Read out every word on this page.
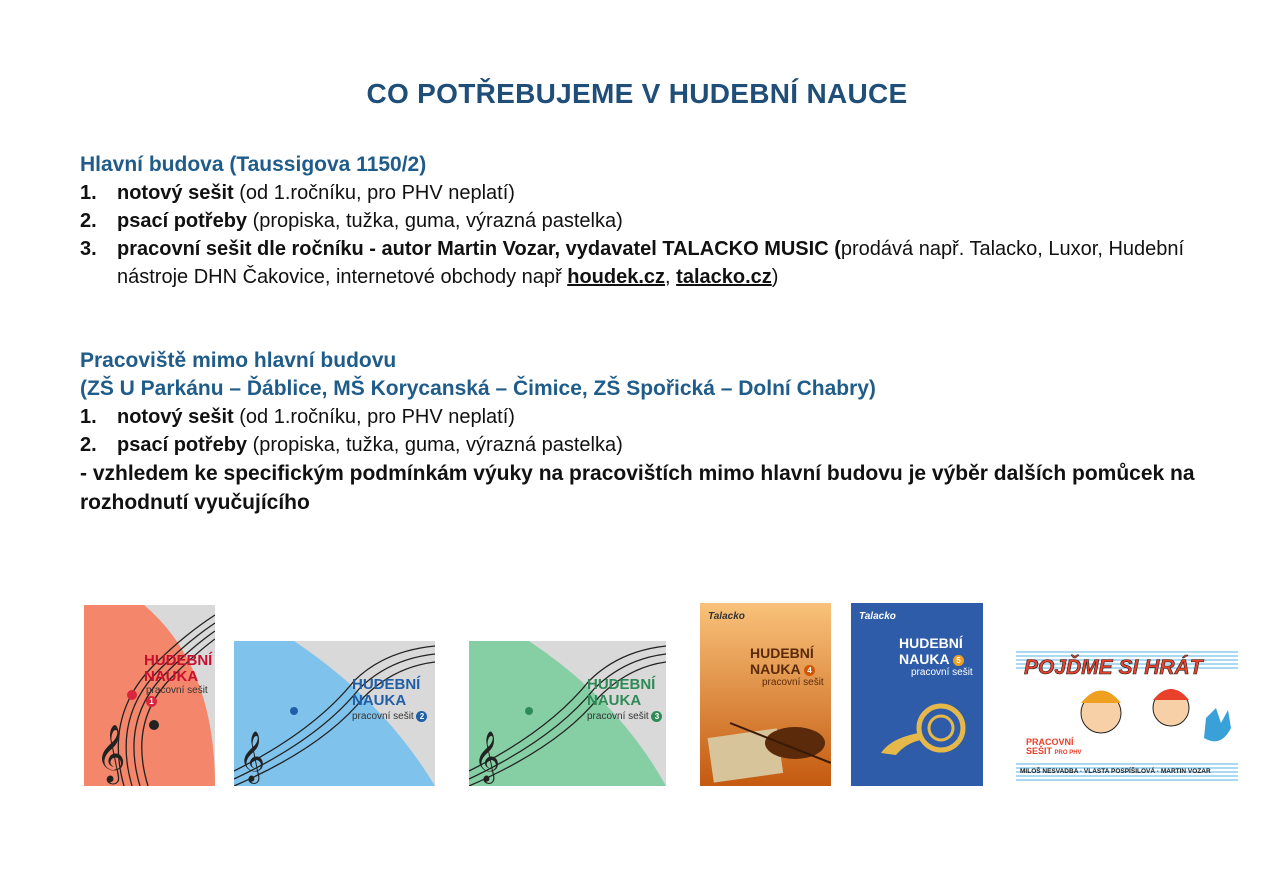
CO POTŘEBUJEME V HUDEBNÍ NAUCE
Hlavní budova (Taussigova 1150/2)
1.	notový sešit (od 1.ročníku, pro PHV neplatí)
2.	psací potřeby (propiska, tužka, guma, výrazná pastelka)
3.	pracovní sešit dle ročníku - autor Martin Vozar, vydavatel TALACKO MUSIC (prodává např. Talacko, Luxor, Hudební nástroje DHN Čakovice, internetové obchody např houdek.cz, talacko.cz)
Pracoviště mimo hlavní budovu
(ZŠ U Parkánu – Ďáblice, MŠ Korycanská – Čimice, ZŠ Spořická – Dolní Chabry)
1.	notový sešit (od 1.ročníku, pro PHV neplatí)
2.	psací potřeby (propiska, tužka, guma, výrazná pastelka)
- vzhledem ke specifickým podmínkám výuky na pracovištích mimo hlavní budovu je výběr dalších pomůcek na rozhodnutí vyučujícího
𝄞
HUDEBNÍ
NAUKA
pracovní sešit 1
𝄞
HUDEBNÍ
NAUKA
pracovní sešit 2
𝄞
HUDEBNÍ
NAUKA
pracovní sešit 3
Talacko
HUDEBNÍ
NAUKA 4
pracovní sešit
Talacko
HUDEBNÍ
NAUKA 5
pracovní sešit POJĎME SI HRÁT
PRACOVNÍ
SEŠIT PRO PHV
MILOŠ NESVADBA · VLASTA POSPÍŠILOVÁ · MARTIN VOZAR
